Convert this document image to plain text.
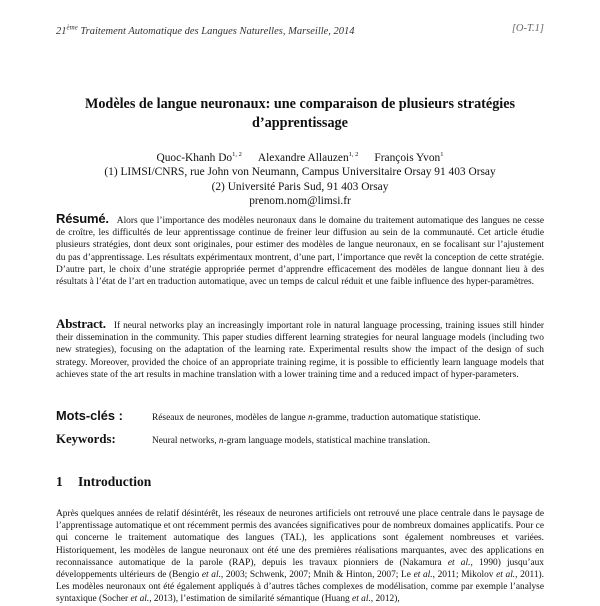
21ème Traitement Automatique des Langues Naturelles, Marseille, 2014	[O-T.1]
Modèles de langue neuronaux: une comparaison de plusieurs stratégies d’apprentissage
Quoc-Khanh Do$^{1, 2}$ Alexandre Allauzen$^{1, 2}$ François Yvon$^1$
(1) LIMSI/CNRS, rue John von Neumann, Campus Universitaire Orsay 91 403 Orsay
(2) Université Paris Sud, 91 403 Orsay
prenom.nom@limsi.fr
Résumé. Alors que l’importance des modèles neuronaux dans le domaine du traitement automatique des langues ne cesse de croître, les difficultés de leur apprentissage continue de freiner leur diffusion au sein de la communauté. Cet article étudie plusieurs stratégies, dont deux sont originales, pour estimer des modèles de langue neuronaux, en se focalisant sur l’ajustement du pas d’apprentissage. Les résultats expérimentaux montrent, d’une part, l’importance que revêt la conception de cette stratégie. D’autre part, le choix d’une stratégie appropriée permet d’apprendre efficacement des modèles de langue donnant lieu à des résultats à l’état de l’art en traduction automatique, avec un temps de calcul réduit et une faible influence des hyper-paramètres.
Abstract. If neural networks play an increasingly important role in natural language processing, training issues still hinder their dissemination in the community. This paper studies different learning strategies for neural language models (including two new strategies), focusing on the adaptation of the learning rate. Experimental results show the impact of the design of such strategy. Moreover, provided the choice of an appropriate training regime, it is possible to efficiently learn language models that achieves state of the art results in machine translation with a lower training time and a reduced impact of hyper-parameters.
Mots-clés :	Réseaux de neurones, modèles de langue n-gramme, traduction automatique statistique.
Keywords:	Neural networks, n-gram language models, statistical machine translation.
1 Introduction

Après quelques années de relatif désintérêt, les réseaux de neurones artificiels ont retrouvé une place centrale dans le paysage de l’apprentissage automatique et ont récemment permis des avancées significatives pour de nombreux domaines applicatifs. Pour ce qui concerne le traitement automatique des langues (TAL), les applications sont également nombreuses et variées. Historiquement, les modèles de langue neuronaux ont été une des premières réalisations marquantes, avec des applications en reconnaissance automatique de la parole (RAP), depuis les travaux pionniers de (Nakamura et al., 1990) jusqu’aux développements ultérieurs de (Bengio et al., 2003; Schwenk, 2007; Mnih & Hinton, 2007; Le et al., 2011; Mikolov et al., 2011). Les modèles neuronaux ont été également appliqués à d’autres tâches complexes de modélisation, comme par exemple l’analyse syntaxique (Socher et al., 2013), l’estimation de similarité sémantique (Huang et al., 2012),
